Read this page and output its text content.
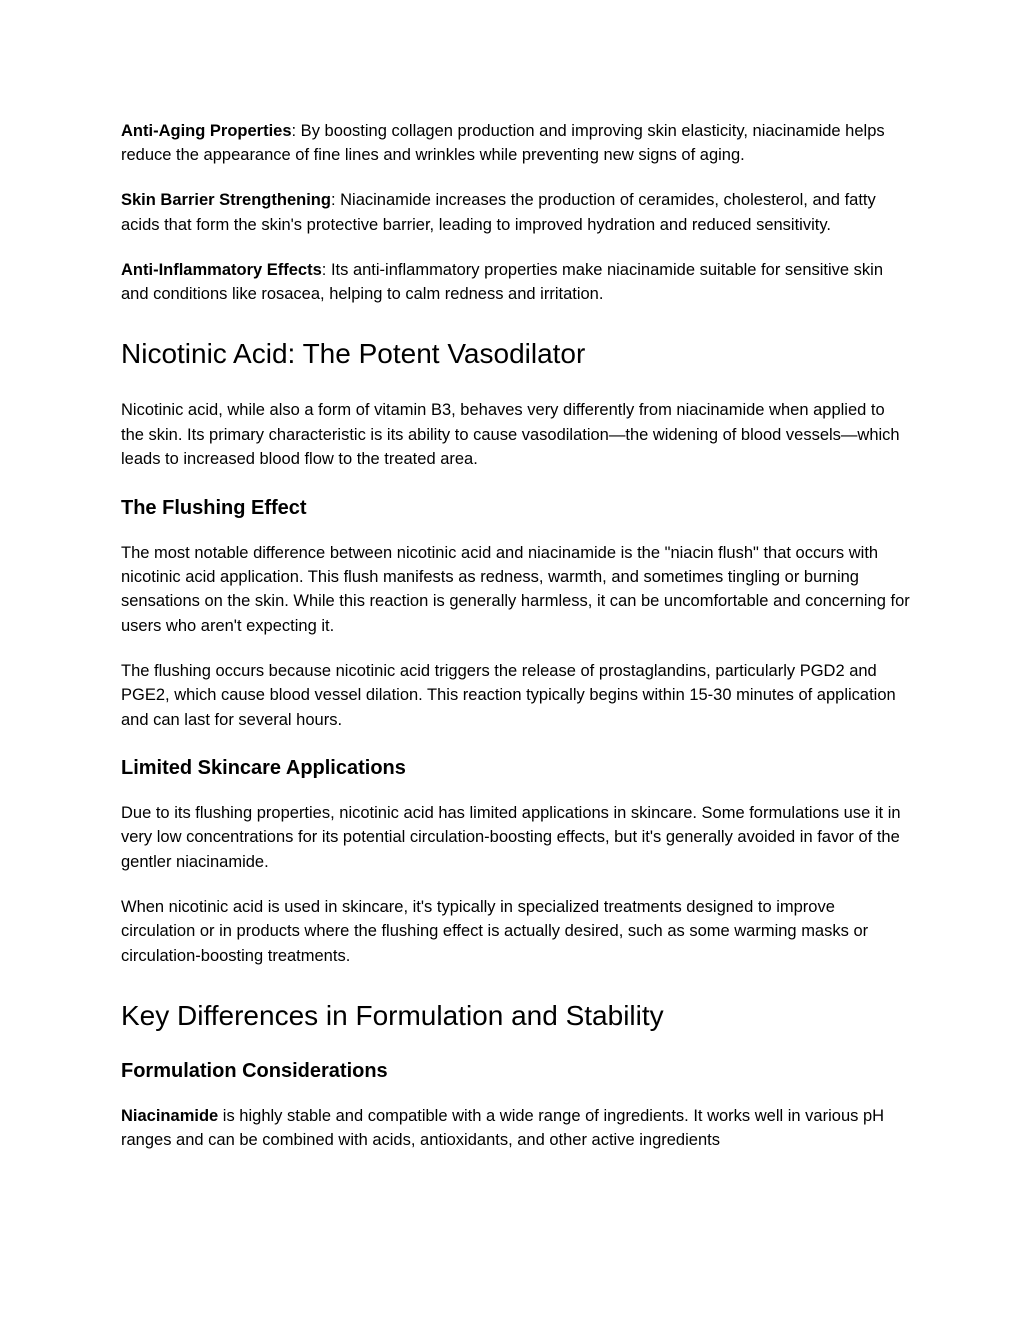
Anti-Aging Properties: By boosting collagen production and improving skin elasticity, niacinamide helps reduce the appearance of fine lines and wrinkles while preventing new signs of aging.

Skin Barrier Strengthening: Niacinamide increases the production of ceramides, cholesterol, and fatty acids that form the skin's protective barrier, leading to improved hydration and reduced sensitivity.

Anti-Inflammatory Effects: Its anti-inflammatory properties make niacinamide suitable for sensitive skin and conditions like rosacea, helping to calm redness and irritation.

Nicotinic Acid: The Potent Vasodilator

Nicotinic acid, while also a form of vitamin B3, behaves very differently from niacinamide when applied to the skin. Its primary characteristic is its ability to cause vasodilation—the widening of blood vessels—which leads to increased blood flow to the treated area.

The Flushing Effect

The most notable difference between nicotinic acid and niacinamide is the "niacin flush" that occurs with nicotinic acid application. This flush manifests as redness, warmth, and sometimes tingling or burning sensations on the skin. While this reaction is generally harmless, it can be uncomfortable and concerning for users who aren't expecting it.

The flushing occurs because nicotinic acid triggers the release of prostaglandins, particularly PGD2 and PGE2, which cause blood vessel dilation. This reaction typically begins within 15-30 minutes of application and can last for several hours.

Limited Skincare Applications

Due to its flushing properties, nicotinic acid has limited applications in skincare. Some formulations use it in very low concentrations for its potential circulation-boosting effects, but it's generally avoided in favor of the gentler niacinamide.

When nicotinic acid is used in skincare, it's typically in specialized treatments designed to improve circulation or in products where the flushing effect is actually desired, such as some warming masks or circulation-boosting treatments.

Key Differences in Formulation and Stability
Formulation Considerations

Niacinamide is highly stable and compatible with a wide range of ingredients. It works well in various pH ranges and can be combined with acids, antioxidants, and other active ingredients
